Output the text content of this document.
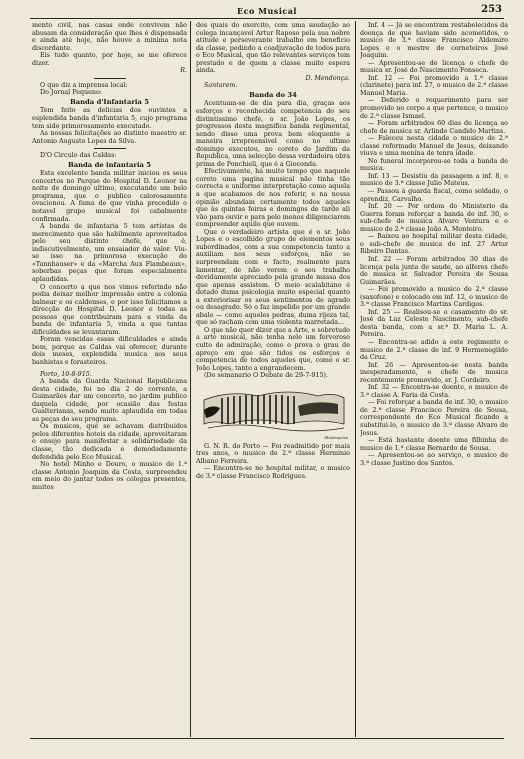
Eco Musical	253

mento civil, nas casas onde convivem não abusam da consideração que lhes é dispensada e ainda até hoje, não houve a minima nota discordante.

Eis tudo quanto, por hoje, se me oferece dizer.

R.

O que diz a imprensa local:

Do Jornal Pequeno:

Banda d'Infantaria 5

Tem feito as delicias dos ouvintes a esplendida banda d'infantaria 5, cujo programa tem sido primorosamente executado.

As nossas felicitações ao distinto maestro sr. Antonio Augusto Lopes da Silva.

D'O Circulo das Caldas:

Banda de infantaria 5

Esta excelente banda militar iniciou os seus concertos no Parque do Hospital D. Leonor na noite de domingo ultimo, executando um belo programa, que o publico calorosamente ovacionou. A fama de que vinha precedido o notavel grupo musical foi cabalmente confirmada.

A banda de infantaria 5 tem artistas de merecimento que são habilmente aproveitados pelo seu distinto chefe, que é, indiscutivelmente, um ensaiador de valor. Viu-se isso na primorosa execução do «Tannhauser» e da «Marcha Aux Flambeaux», soberbas peças que foram especialmente aplaudidas.

O concerto a que nos vimos referindo não podia deixar melhor impressão entre a colonia balnear e os caldenses, e por isso felicitamos a direcção do Hospital D. Leonor e todas as pessoas que contribuiram para a vinda da banda de infantaria 5, vinda a que tantas dificuldades se levantaram.

Foram vencidas essas dificuldades e ainda bem, porque as Caldas vai oferecer, durante dois meses, explendida musica aos seus banhistas e forasteiros.

Porto, 10-8-915.

A banda da Guarda Nacional Republicana desta cidade, foi no dia 2 do corrente, a Guimarães dar um concerto, no jardim publico daquela cidade, por ocasião das festas Gualterianas, sendo muito aplaudida em todas as peças do seu programa.

Os musicos, que se achavam distribuidos pelos diferentes hoteis da cidade, aproveitaram o ensejo para manifestar a solidariedade da classe, tão dedicada e demodadamente defendida pelo Eco Musical.

No hotel Minho e Douro, o musico de 1.ª classe Antonio Joaquim da Costa, surpreendeu em meio do jantar todos os colegas presentes, muitos

dos quais do exercito, com uma saudação ao colega incançavel Artur Raposo pela sua nobre atitude e perseverante trabalho em beneficio da classe, pedindo a coadjuvação de todos para o Eco Musical, que tão relevantes serviços tem prestado e de quem a classe muito espera ainda.

D. Mendonça.

Santarem.

Banda do 34

Acentuam-se de dia para dia, graças aos esforços e reconhecida competencia do seu distintissimo chefe, o sr. João Lopes, os progressos desta magnifica banda regimental, sendo disso uma prova bem eloquente a maneira irrepreensivel como no ultimo domingo executou, no coreto do Jardim da Republica, uma selecção dessa verdadeira obra prima de Ponchieli, que é a Gioconda.

Efectivamente, há muito tempo que naquele coreto uma pagina musical não tinha tão correcta e uniforme interpretação como aquela a que acabamos de nos referir, e na nossa opinião abundam certamente todos aqueles que às quintas feiras e domingos de tarde ali vão para ouvir e para pelo menos diligenciarem compreender aquilo que ouvem.

Que o verdadeiro artista que é o sr. João Lopes e o escolhido grupo de elementos seus subordinados, com a sua competencia tanto a auxiliam nos seus esforços, não se surpreendam com o facto, realmente para lamentar, de não verem o seu trabalho devidamente apreciado pela grande massa dos que apenas assistem. O meio scalabitano é dotado duma psicologia muito especial quanto a exteriorisar os seus sentimentos de agrado ou desagrado. Só o faz impelido por um grande abalo — como aqueles pedras, duma rijeza tal, que só racham com uma violenta marretada...

O que não quer dizer que a Arte, e sobretudo a arte musical, não tenha nele um fervoroso culto de admiração, como o prova o grau de apreço em que são tidos os esforços e competencia de todos aqueles que, como o sr. João Lopes, tanto a engrandecem.

(Do semanario O Debate de 29-7-915).

Illustrações

G. N. R. do Porto — Foi readmitido por mais tres anos, o musico de 2.ª classe Herminio Albano Ferreira.

— Encontra-se no hospital militar, o musico de 3.ª classe Francisco Rodrigues.

Inf. 4 — Já se encontram restabelecidos da doença de que haviam sido acometidos, o musico de 3.ª classe Francisco Aldemiro Lopes e o mestre de corneteiros José Joaquim.

— Apresentou-se de licença o chefe de musica sr. José do Nascimento Fonseca.

Inf. 12 — Foi promovido a 1.ª classe (clarinete) para inf. 27, o musico de 2.ª classe Manuel Maria.

— Deferido o requerimento para ser promovido no corpo a que pertence, o musico de 2.ª classe Ismael.

— Foram arbitrados 60 dias de licença ao chefe de musica sr. Arlindo Candido Martins.

— Faleceu nesta cidade o musico de 2.ª classe reformado Manuel de Jesus, deixando viuva e uma menina de tenra idade.

No funeral incorporou-se toda a banda de musica.

Inf. 13 — Desistiu da passagem a inf. 8, o musico de 3.ª classe Julio Mateus.

— Passou á guarda fiscal, como soldado, o aprendiz, Carvalho.

Inf. 20 — Por ordem do Ministerio da Guerra foram reforçar a banda de inf. 30, o sub-chefe de musica Alvaro Ventura e o musico de 2.ª classe João A. Monteiro.

— Baixou ao hospital militar desta cidade, o sub-chefe de musica de inf. 27 Artur Ribeiro Dantas.

Inf. 22 — Foram arbitrados 30 dias de licença pela junta de saude, ao alferes chefe de musica sr. Salvador Pereira de Sousa Guimarães.

— Foi promovido a musico de 2.ª classe (saxofone) e colocado em inf. 12, o musico de 3.ª classe Francisco Martins Cardigos.

Inf. 25 — Realisou-se o casamento do sr. José da Luz Celeste Nascimento, sub-chefe desta banda, com a sr.ª D. Maria L. A. Pereira.

— Encontra-se adido a este regimento o musico de 2.ª classe de inf. 9 Hermenegildo da Cruz.

Inf. 26 — Apresentou-se nesta banda inesperadamente, o chefe de musica recentemente promovido, sr. J. Cordeiro.

Inf. 32 — Encontra-se doente, o musico de 3.ª classe A. Faria da Costa.

— Foi reforçar a banda de inf. 30, o musico de 2.ª classe Francisco Pereira de Sousa, correspondente do Eco Musical ficando a substitui-lo, o musico de 3.ª classe Alvaro de Jesus.

— Está bastante doente uma filhinha do musico de 1.ª classe Bernardo de Sousa.

— Apresentou-se ao serviço, o musico de 3.ª classe Justino dos Santos.
